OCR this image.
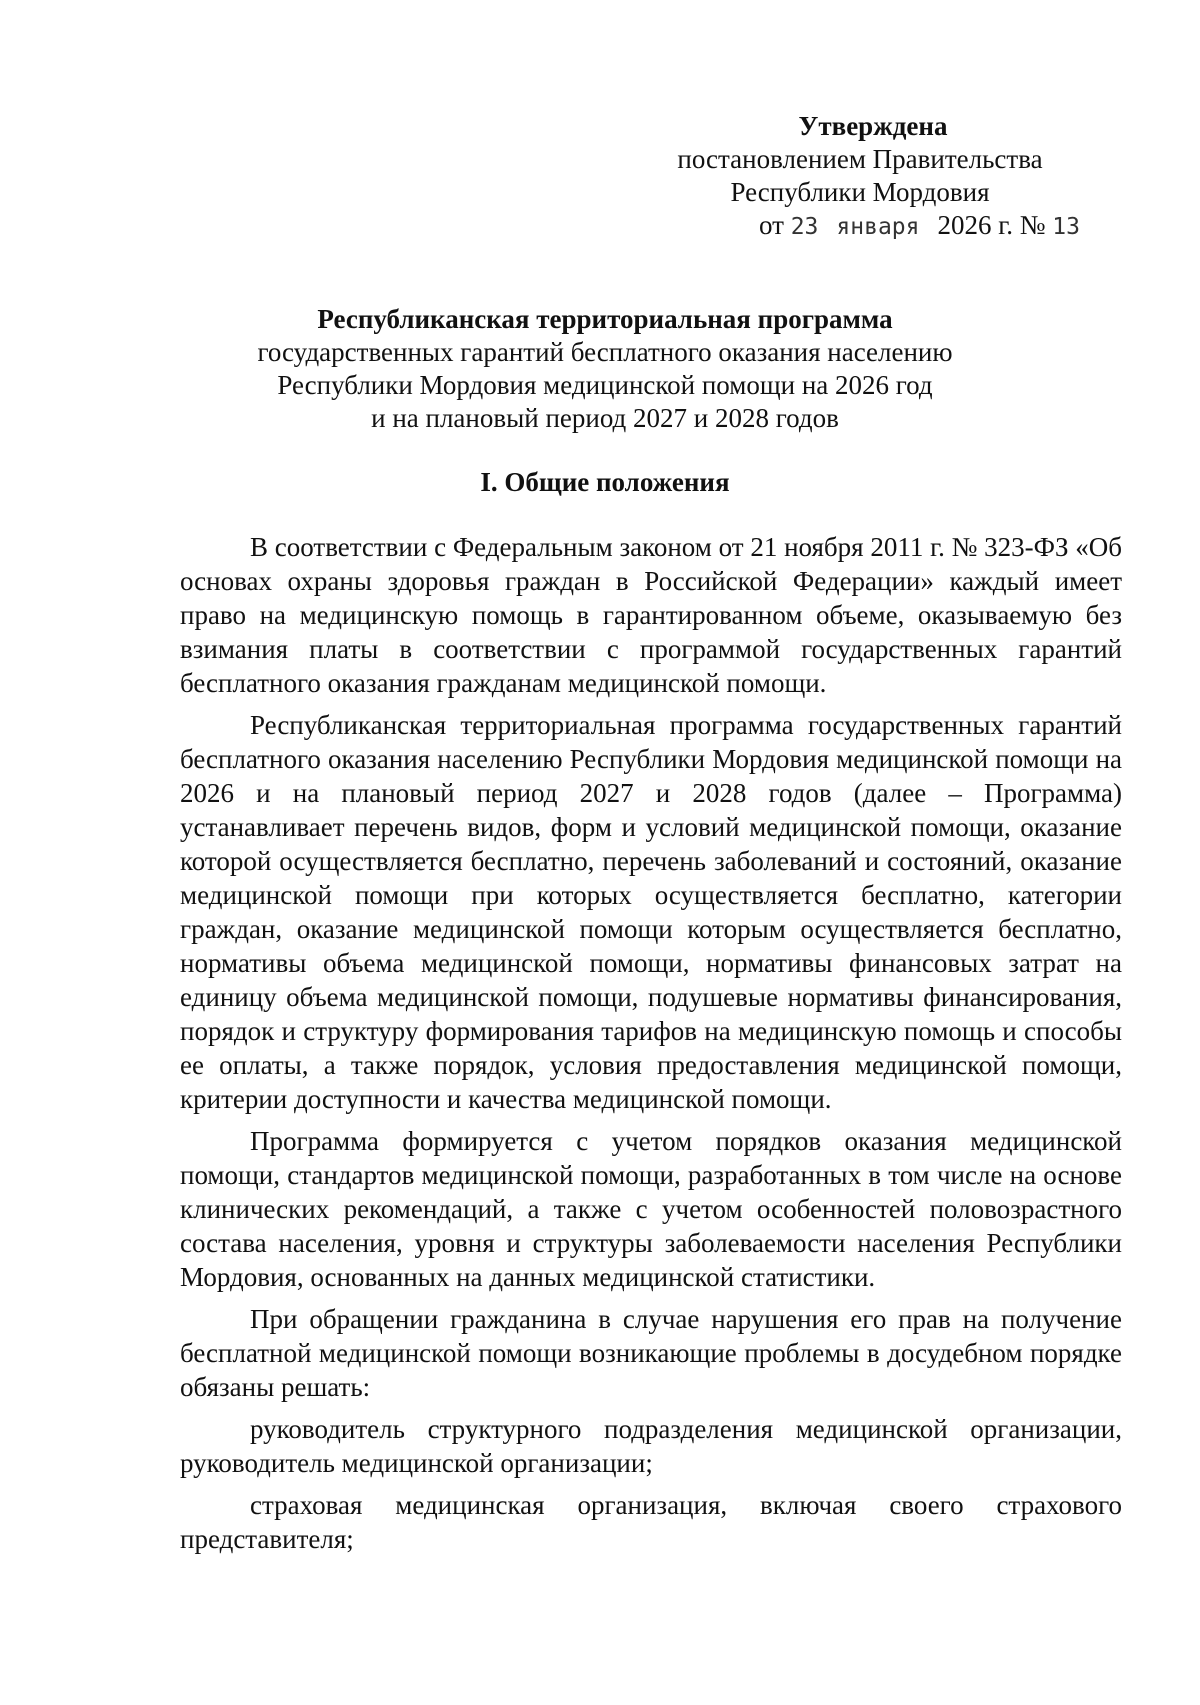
Утверждена
постановлением Правительства
Республики Мордовия
от 23 января 2026 г. № 13
Республиканская территориальная программа
государственных гарантий бесплатного оказания населению
Республики Мордовия медицинской помощи на 2026 год
и на плановый период 2027 и 2028 годов
I. Общие положения

В соответствии с Федеральным законом от 21 ноября 2011 г. № 323-ФЗ «Об основах охраны здоровья граждан в Российской Федерации» каждый имеет право на медицинскую помощь в гарантированном объеме, оказываемую без взимания платы в соответствии с программой государственных гарантий бесплатного оказания гражданам медицинской помощи.

Республиканская территориальная программа государственных гарантий бесплатного оказания населению Республики Мордовия медицинской помощи на 2026 и на плановый период 2027 и 2028 годов (далее – Программа) устанавливает перечень видов, форм и условий медицинской помощи, оказание которой осуществляется бесплатно, перечень заболеваний и состояний, оказание медицинской помощи при которых осуществляется бесплатно, категории граждан, оказание медицинской помощи которым осуществляется бесплатно, нормативы объема медицинской помощи, нормативы финансовых затрат на единицу объема медицинской помощи, подушевые нормативы финансирования, порядок и структуру формирования тарифов на медицинскую помощь и способы ее оплаты, а также порядок, условия предоставления медицинской помощи, критерии доступности и качества медицинской помощи.

Программа формируется с учетом порядков оказания медицинской помощи, стандартов медицинской помощи, разработанных в том числе на основе клинических рекомендаций, а также с учетом особенностей половозрастного состава населения, уровня и структуры заболеваемости населения Республики Мордовия, основанных на данных медицинской статистики.

При обращении гражданина в случае нарушения его прав на получение бесплатной медицинской помощи возникающие проблемы в досудебном порядке обязаны решать:

руководитель структурного подразделения медицинской организации, руководитель медицинской организации;

страховая медицинская организация, включая своего страхового представителя;
